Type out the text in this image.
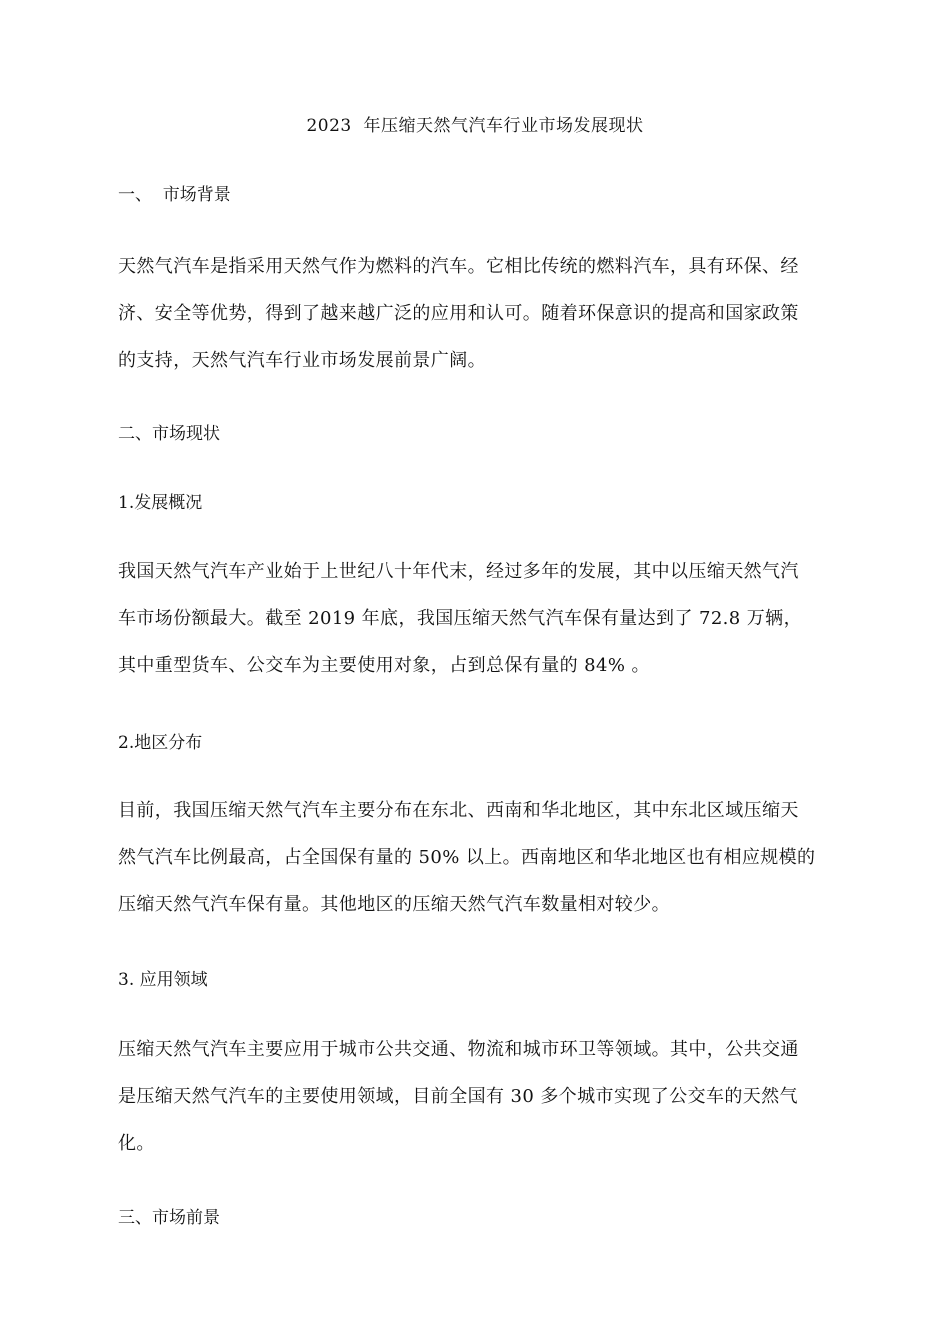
2023  年压缩天然气汽车行业市场发展现状
一、  市场背景
天然气汽车是指采用天然气作为燃料的汽车。它相比传统的燃料汽车，具有环保、经
济、安全等优势，得到了越来越广泛的应用和认可。随着环保意识的提高和国家政策
的支持，天然气汽车行业市场发展前景广阔。
二、市场现状
1.发展概况
我国天然气汽车产业始于上世纪八十年代末，经过多年的发展，其中以压缩天然气汽
车市场份额最大。截至 2019 年底，我国压缩天然气汽车保有量达到了 72.8 万辆，
其中重型货车、公交车为主要使用对象，占到总保有量的 84% 。
2.地区分布
目前，我国压缩天然气汽车主要分布在东北、西南和华北地区，其中东北区域压缩天
然气汽车比例最高，占全国保有量的 50% 以上。西南地区和华北地区也有相应规模的
压缩天然气汽车保有量。其他地区的压缩天然气汽车数量相对较少。
3. 应用领域
压缩天然气汽车主要应用于城市公共交通、物流和城市环卫等领域。其中，公共交通
是压缩天然气汽车的主要使用领域，目前全国有 30 多个城市实现了公交车的天然气
化。
三、市场前景
